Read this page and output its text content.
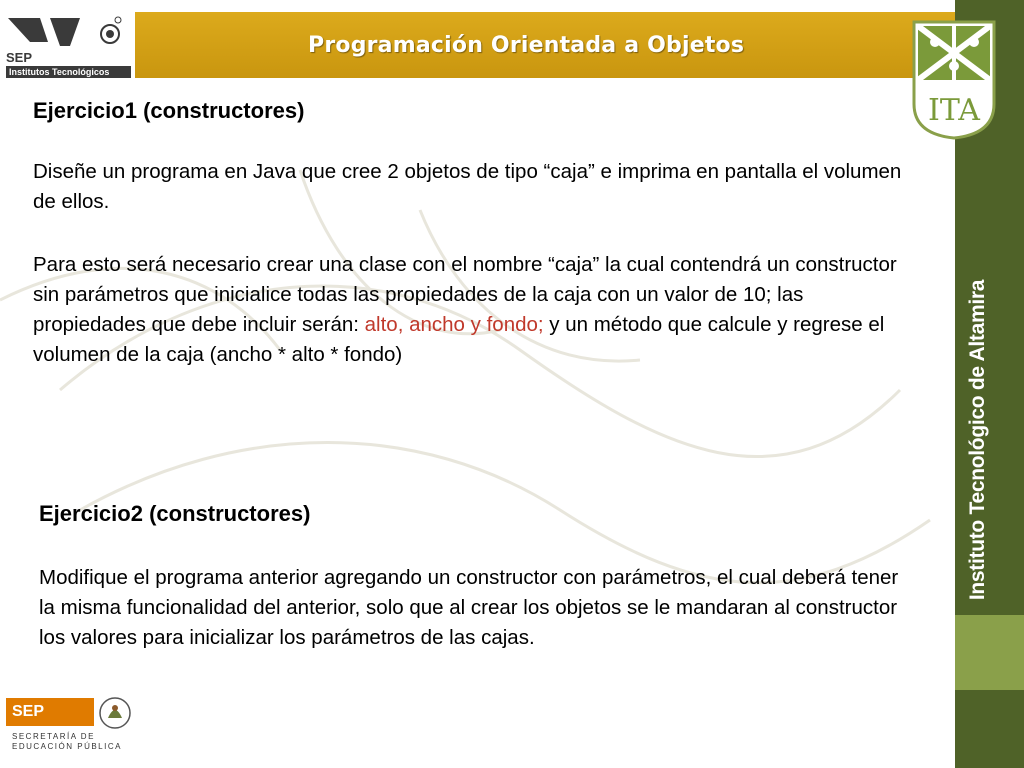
Programación Orientada a Objetos
SEP
Institutos Tecnológicos
Instituto Tecnológico de Altamira
ITA
Ejercicio1 (constructores)
Diseñe un programa en Java que cree 2 objetos de tipo “caja” e imprima en pantalla el volumen de ellos.
Para esto será necesario crear una clase con el nombre “caja” la cual contendrá un constructor sin parámetros que inicialice todas las propiedades de la caja con un valor de 10; las propiedades que debe incluir serán: alto, ancho y fondo; y un método que calcule y regrese el volumen de la caja (ancho * alto * fondo)
Ejercicio2 (constructores)
Modifique el programa anterior agregando un constructor con parámetros, el cual deberá tener la misma funcionalidad del anterior, solo que al crear los objetos se le mandaran al constructor los valores para inicializar los parámetros de las cajas.
SEP
SECRETARÍA DE
EDUCACIÓN PÚBLICA
